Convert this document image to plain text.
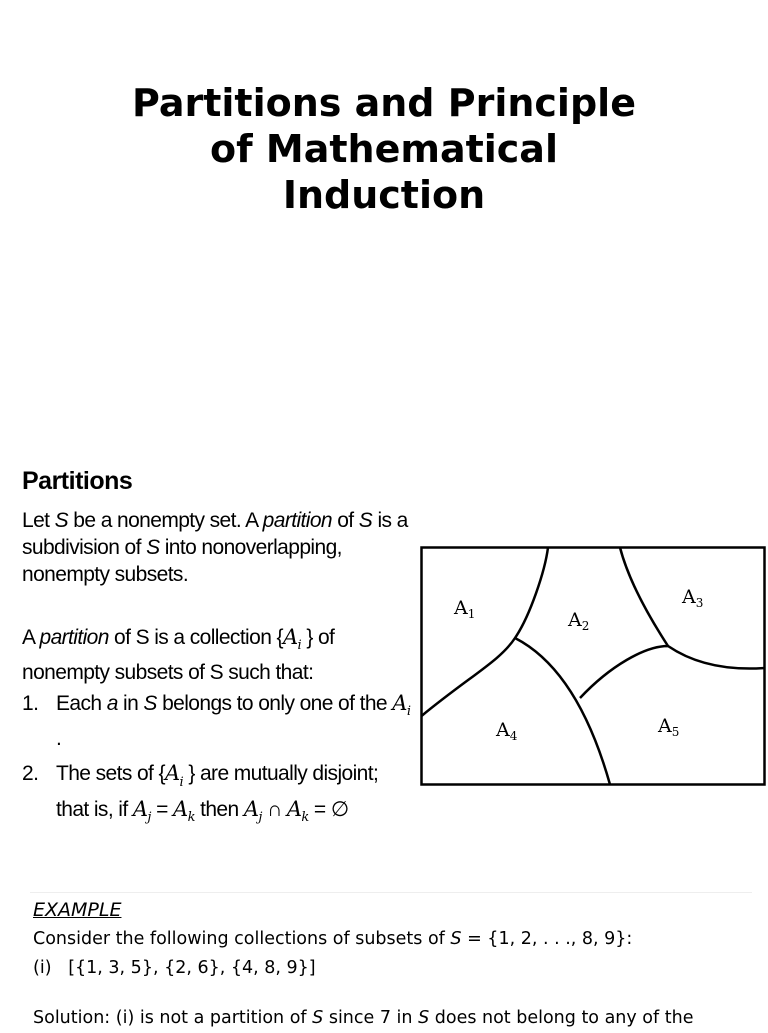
Partitions and Principle
of Mathematical
Induction
Partitions

Let S be a nonempty set. A partition of S is a subdivision of S into nonoverlapping, nonempty subsets.

A partition of S is a collection {$A_i$ } of nonempty subsets of S such that:

1. Each a in S belongs to only one of the $A_i$ .
2. The sets of {$A_i$ } are mutually disjoint; that is, if $A_j = A_k$ then $A_j$ ∩ $A_k$ = ∅
$A_1$	$A_2$
$A_3$
$A_4$	$A_5$

EXAMPLE

Consider the following collections of subsets of S = {1, 2, . . ., 8, 9}:

(i)   [{1, 3, 5}, {2, 6}, {4, 8, 9}]

Solution: (i) is not a partition of S since 7 in S does not belong to any of the
